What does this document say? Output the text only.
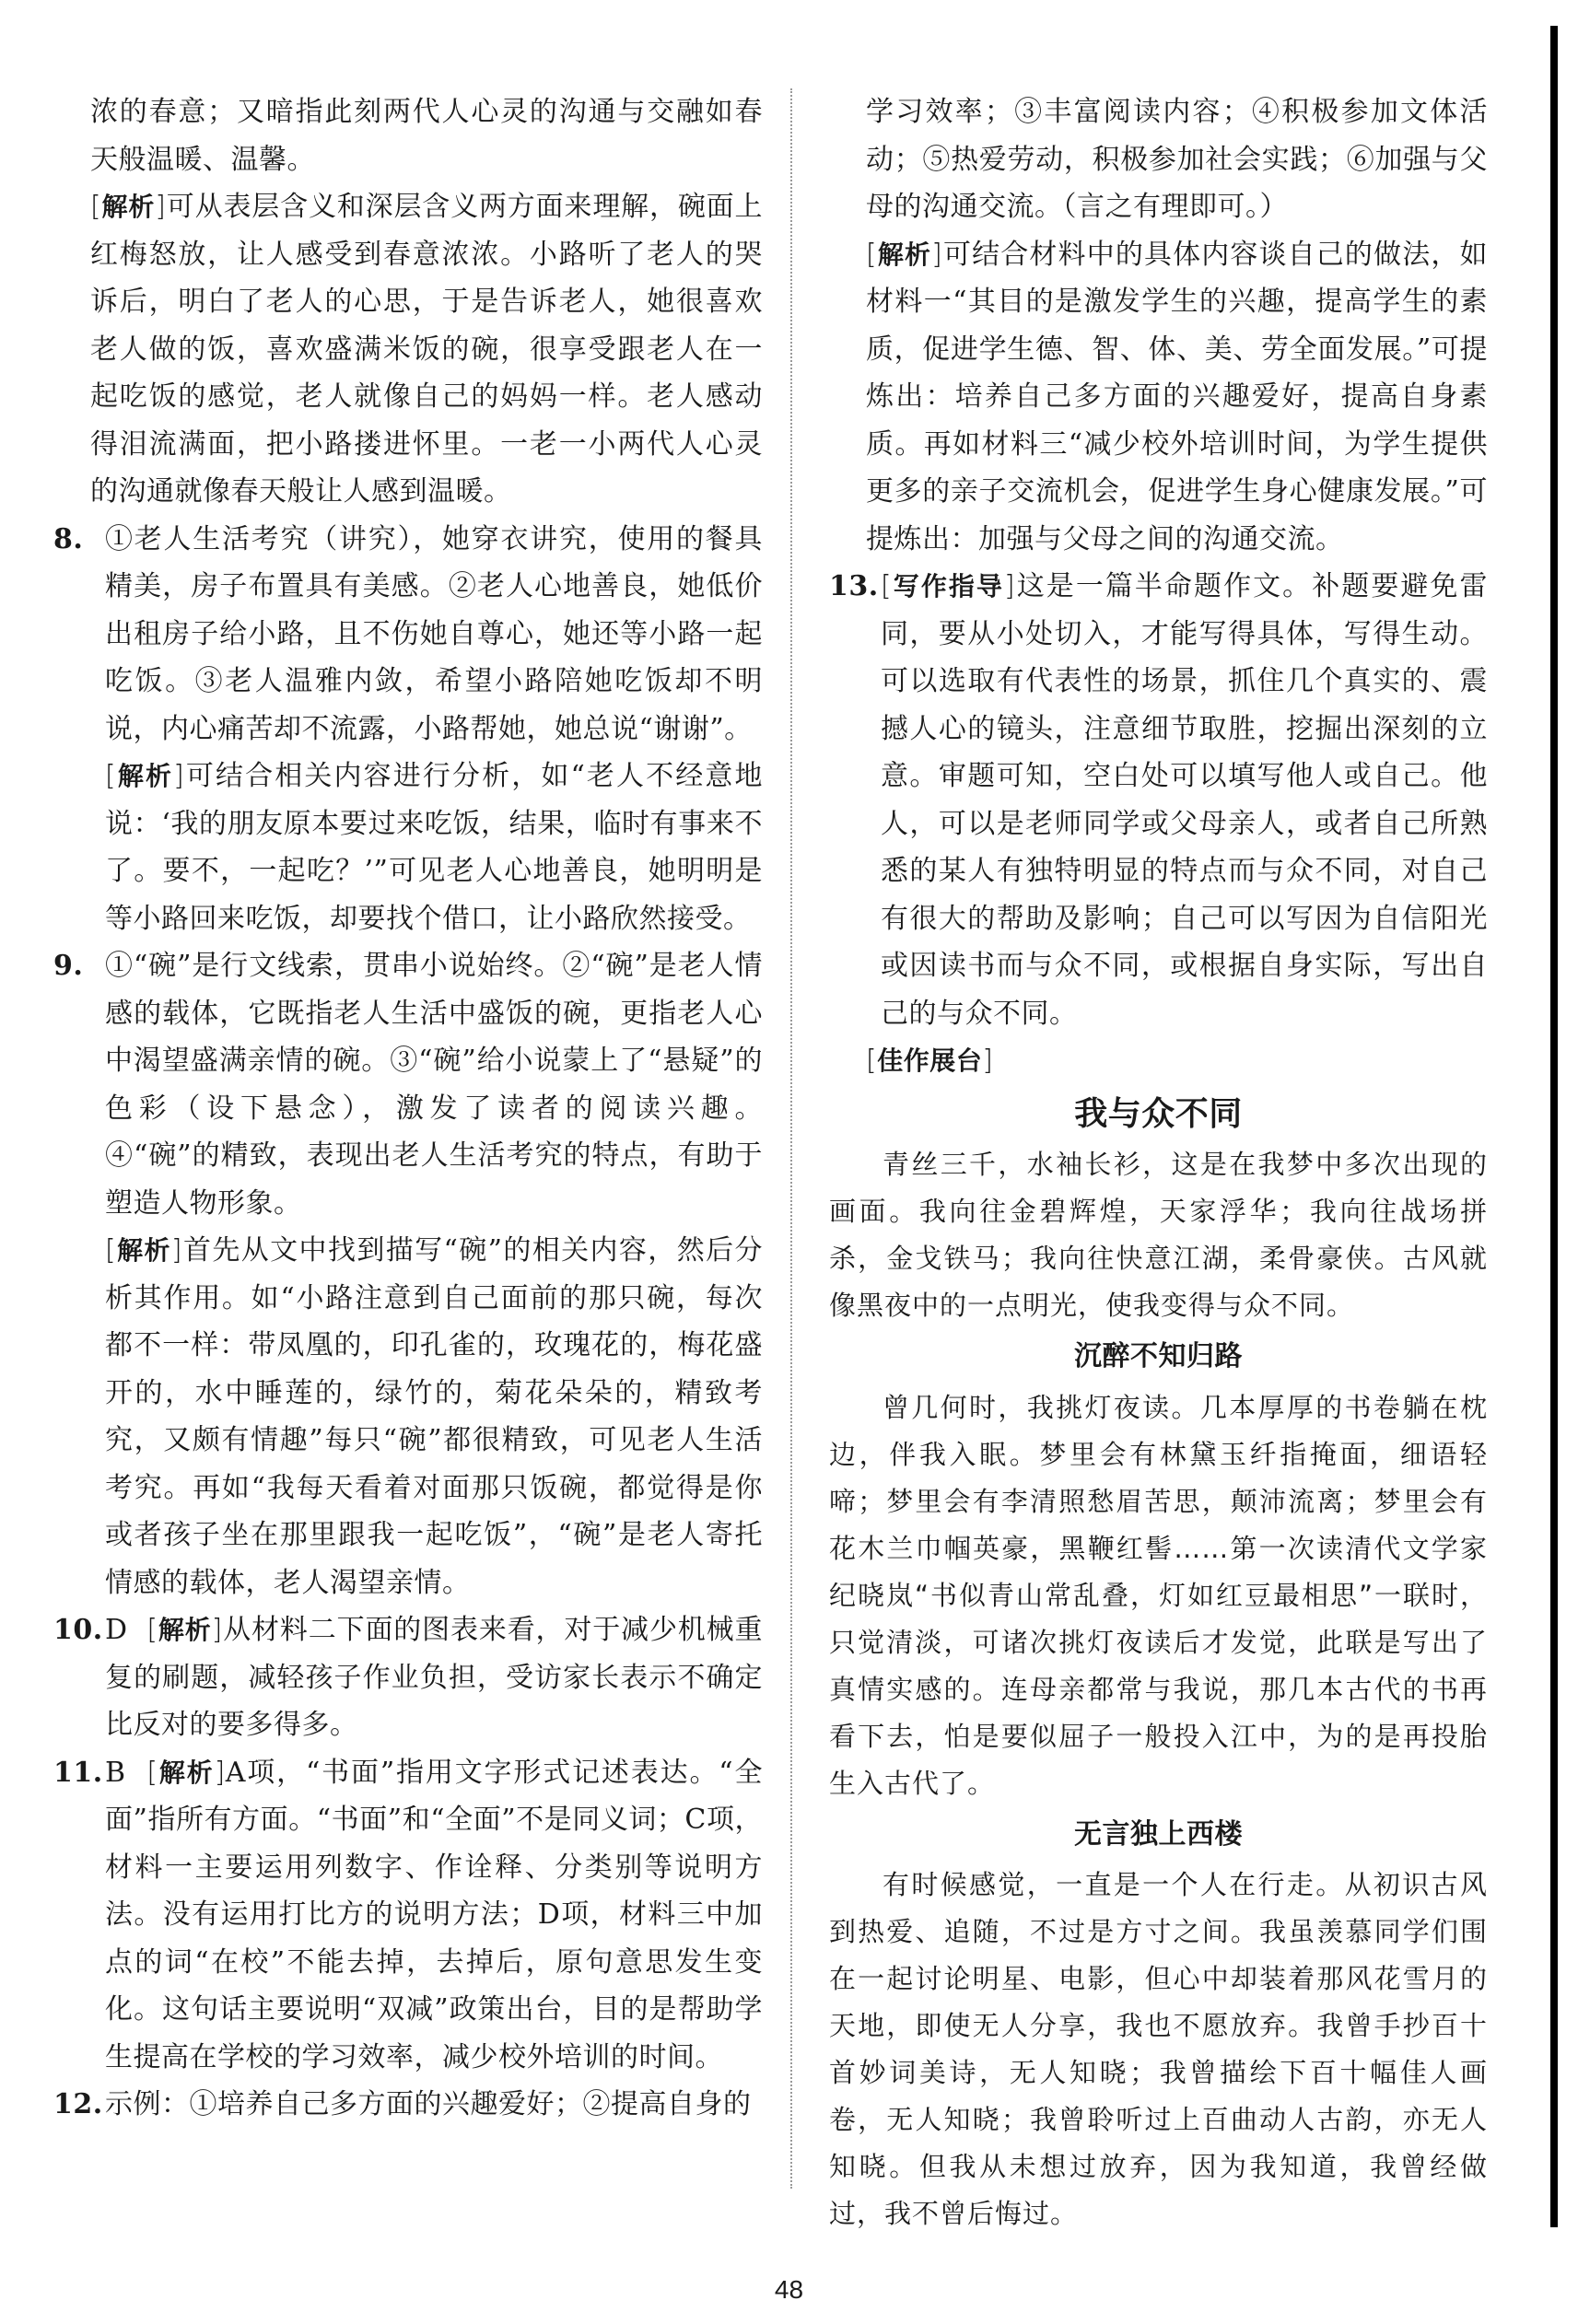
浓的春意；又暗指此刻两代人心灵的沟通与交融如春天般温暖、温馨。

[解析]可从表层含义和深层含义两方面来理解，碗面上红梅怒放，让人感受到春意浓浓。小路听了老人的哭诉后，明白了老人的心思，于是告诉老人，她很喜欢老人做的饭，喜欢盛满米饭的碗，很享受跟老人在一起吃饭的感觉，老人就像自己的妈妈一样。老人感动得泪流满面，把小路搂进怀里。一老一小两代人心灵的沟通就像春天般让人感到温暖。

8. ①老人生活考究（讲究），她穿衣讲究，使用的餐具精美，房子布置具有美感。②老人心地善良，她低价出租房子给小路，且不伤她自尊心，她还等小路一起吃饭。③老人温雅内敛，希望小路陪她吃饭却不明说，内心痛苦却不流露，小路帮她，她总说“谢谢”。

[解析]可结合相关内容进行分析，如“老人不经意地说：‘我的朋友原本要过来吃饭，结果，临时有事来不了。要不，一起吃？’”可见老人心地善良，她明明是等小路回来吃饭，却要找个借口，让小路欣然接受。

9. ①“碗”是行文线索，贯串小说始终。②“碗”是老人情感的载体，它既指老人生活中盛饭的碗，更指老人心中渴望盛满亲情的碗。③“碗”给小说蒙上了“悬疑”的色彩（设下悬念），激发了读者的阅读兴趣。④“碗”的精致，表现出老人生活考究的特点，有助于塑造人物形象。

[解析]首先从文中找到描写“碗”的相关内容，然后分析其作用。如“小路注意到自己面前的那只碗，每次都不一样：带凤凰的，印孔雀的，玫瑰花的，梅花盛开的，水中睡莲的，绿竹的，菊花朵朵的，精致考究，又颇有情趣”每只“碗”都很精致，可见老人生活考究。再如“我每天看着对面那只饭碗，都觉得是你或者孩子坐在那里跟我一起吃饭”，“碗”是老人寄托情感的载体，老人渴望亲情。

10. D [解析]从材料二下面的图表来看，对于减少机械重复的刷题，减轻孩子作业负担，受访家长表示不确定比反对的要多得多。

11. B [解析]A项，“书面”指用文字形式记述表达。“全面”指所有方面。“书面”和“全面”不是同义词；C项，材料一主要运用列数字、作诠释、分类别等说明方法。没有运用打比方的说明方法；D项，材料三中加点的词“在校”不能去掉，去掉后，原句意思发生变化。这句话主要说明“双减”政策出台，目的是帮助学生提高在学校的学习效率，减少校外培训的时间。

12. 示例：①培养自己多方面的兴趣爱好；②提高自身的

学习效率；③丰富阅读内容；④积极参加文体活动；⑤热爱劳动，积极参加社会实践；⑥加强与父母的沟通交流。（言之有理即可。）

[解析]可结合材料中的具体内容谈自己的做法，如材料一“其目的是激发学生的兴趣，提高学生的素质，促进学生德、智、体、美、劳全面发展。”可提炼出：培养自己多方面的兴趣爱好，提高自身素质。再如材料三“减少校外培训时间，为学生提供更多的亲子交流机会，促进学生身心健康发展。”可提炼出：加强与父母之间的沟通交流。

13. [写作指导]这是一篇半命题作文。补题要避免雷同，要从小处切入，才能写得具体，写得生动。可以选取有代表性的场景，抓住几个真实的、震撼人心的镜头，注意细节取胜，挖掘出深刻的立意。审题可知，空白处可以填写他人或自己。他人，可以是老师同学或父母亲人，或者自己所熟悉的某人有独特明显的特点而与众不同，对自己有很大的帮助及影响；自己可以写因为自信阳光或因读书而与众不同，或根据自身实际，写出自己的与众不同。

[佳作展台]

我与众不同

青丝三千，水袖长衫，这是在我梦中多次出现的画面。我向往金碧辉煌，天家浮华；我向往战场拼杀，金戈铁马；我向往快意江湖，柔骨豪侠。古风就像黑夜中的一点明光，使我变得与众不同。

沉醉不知归路

曾几何时，我挑灯夜读。几本厚厚的书卷躺在枕边，伴我入眠。梦里会有林黛玉纤指掩面，细语轻啼；梦里会有李清照愁眉苦思，颠沛流离；梦里会有花木兰巾帼英豪，黑鞭红髻……第一次读清代文学家纪晓岚“书似青山常乱叠，灯如红豆最相思”一联时，只觉清淡，可诸次挑灯夜读后才发觉，此联是写出了真情实感的。连母亲都常与我说，那几本古代的书再看下去，怕是要似屈子一般投入江中，为的是再投胎生入古代了。

无言独上西楼

有时候感觉，一直是一个人在行走。从初识古风到热爱、追随，不过是方寸之间。我虽羡慕同学们围在一起讨论明星、电影，但心中却装着那风花雪月的天地，即使无人分享，我也不愿放弃。我曾手抄百十首妙词美诗，无人知晓；我曾描绘下百十幅佳人画卷，无人知晓；我曾聆听过上百曲动人古韵，亦无人知晓。但我从未想过放弃，因为我知道，我曾经做过，我不曾后悔过。

48
